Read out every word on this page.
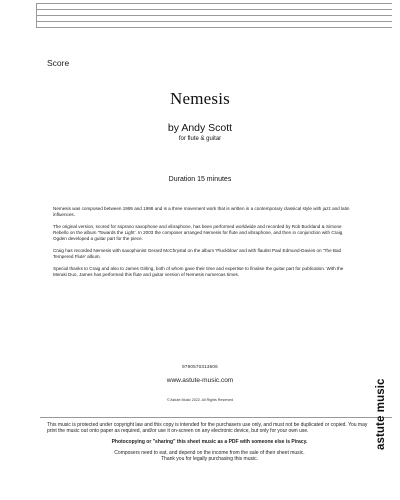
Score
Nemesis
by Andy Scott
for flute & guitar
Duration 15 minutes

Nemesis was composed between 1995 and 1998 and is a three movement work that is written in a contemporary classical style with jazz and latin influences.

The original version, scored for soprano saxophone and vibraphone, has been performed worldwide and recorded by Rob Buckland & Simone Rebello on the album 'Towards the Light'. In 2003 the composer arranged Nemesis for flute and vibraphone, and then in conjunction with Craig Ogden developed a guitar part for the piece.

Craig has recorded Nemesis with saxophonist Gerard McChrystal on the album 'Pluckblow' and with flautist Paul Edmund-Davies on 'The Bad Tempered Flute' album.

Special thanks to Craig and also to James Girling, both of whom gave their time and expertise to finalise the guitar part for publication. With the Meraki Duo, James has performed this flute and guitar version of Nemesis numerous times.

9790570313606
www.astute-music.com
© Astute Music 2022. All Rights Reserved

This music is protected under copyright law and this copy is intended for the purchasers use only, and must not be duplicated or copied. You may print the music out onto paper as required, and/or use it on-screen on any electronic device, but only for your own use.

Photocopying or "sharing" this sheet music as a PDF with someone else is Piracy.

Composers need to eat, and depend on the income from the sale of their sheet music.
Thank you for legally purchasing this music.

astute music
